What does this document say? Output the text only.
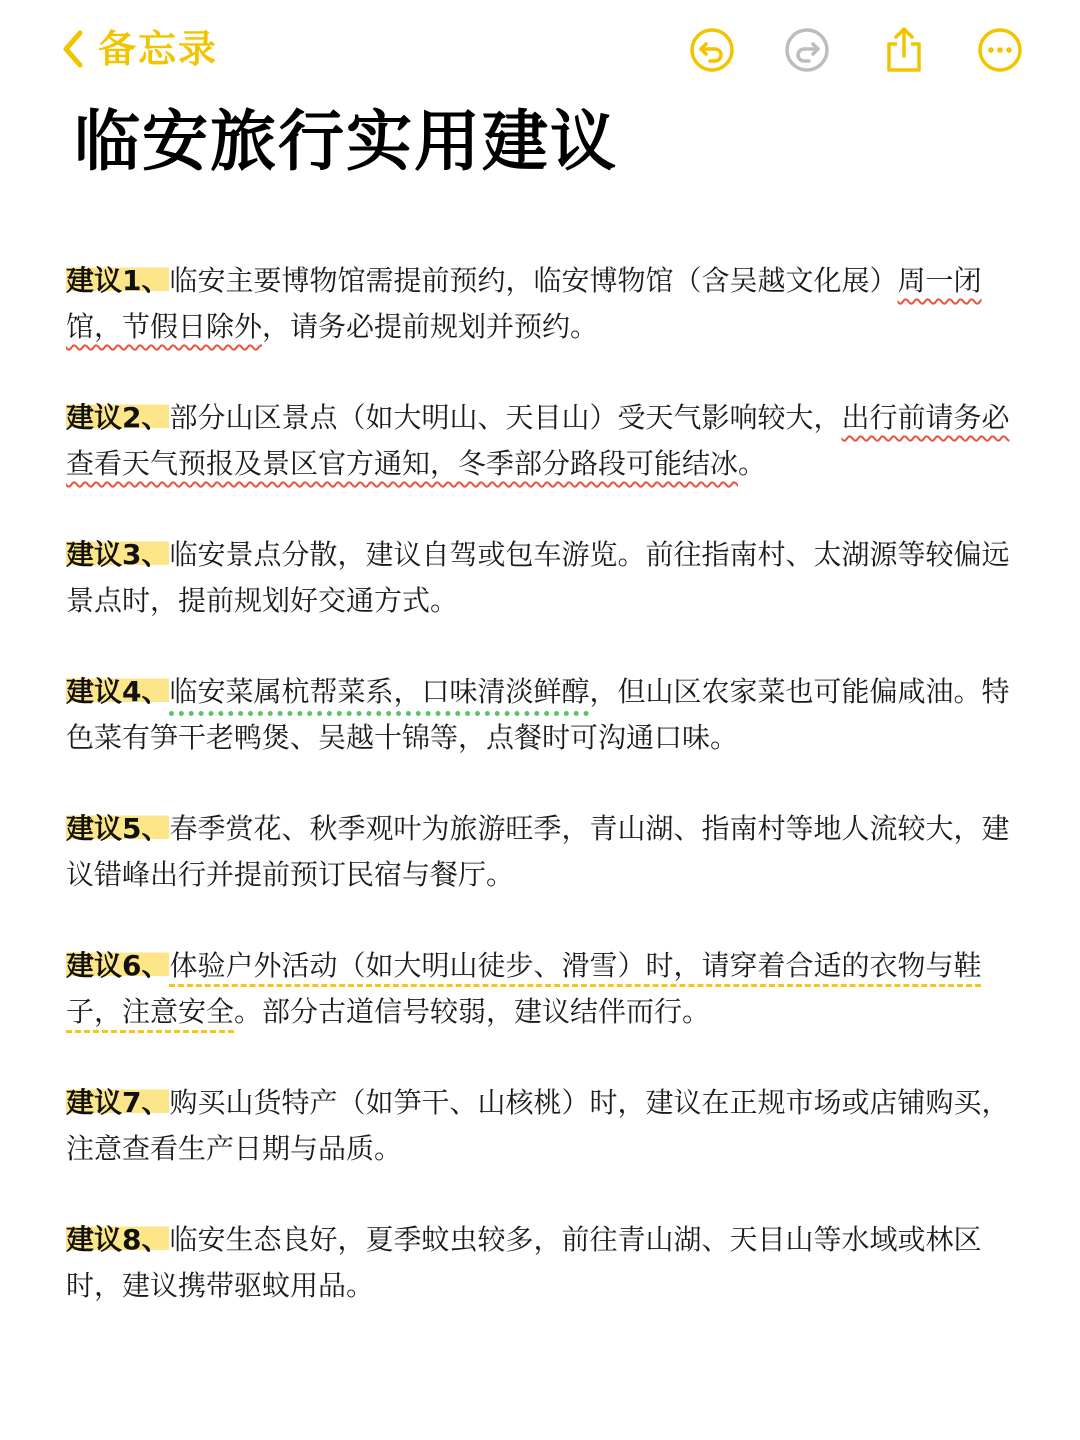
备忘录
临安旅行实用建议
建议1、临安主要博物馆需提前预约，临安博物馆（含吴越文化展）周一闭馆，节假日除外，请务必提前规划并预约。
建议2、部分山区景点（如大明山、天目山）受天气影响较大，出行前请务必查看天气预报及景区官方通知，冬季部分路段可能结冰。
建议3、临安景点分散，建议自驾或包车游览。前往指南村、太湖源等较偏远景点时，提前规划好交通方式。
建议4、临安菜属杭帮菜系，口味清淡鲜醇，但山区农家菜也可能偏咸油。特色菜有笋干老鸭煲、吴越十锦等，点餐时可沟通口味。
建议5、春季赏花、秋季观叶为旅游旺季，青山湖、指南村等地人流较大，建议错峰出行并提前预订民宿与餐厅。
建议6、体验户外活动（如大明山徒步、滑雪）时，请穿着合适的衣物与鞋子，注意安全。部分古道信号较弱，建议结伴而行。
建议7、购买山货特产（如笋干、山核桃）时，建议在正规市场或店铺购买，注意查看生产日期与品质。
建议8、临安生态良好，夏季蚊虫较多，前往青山湖、天目山等水域或林区时，建议携带驱蚊用品。
